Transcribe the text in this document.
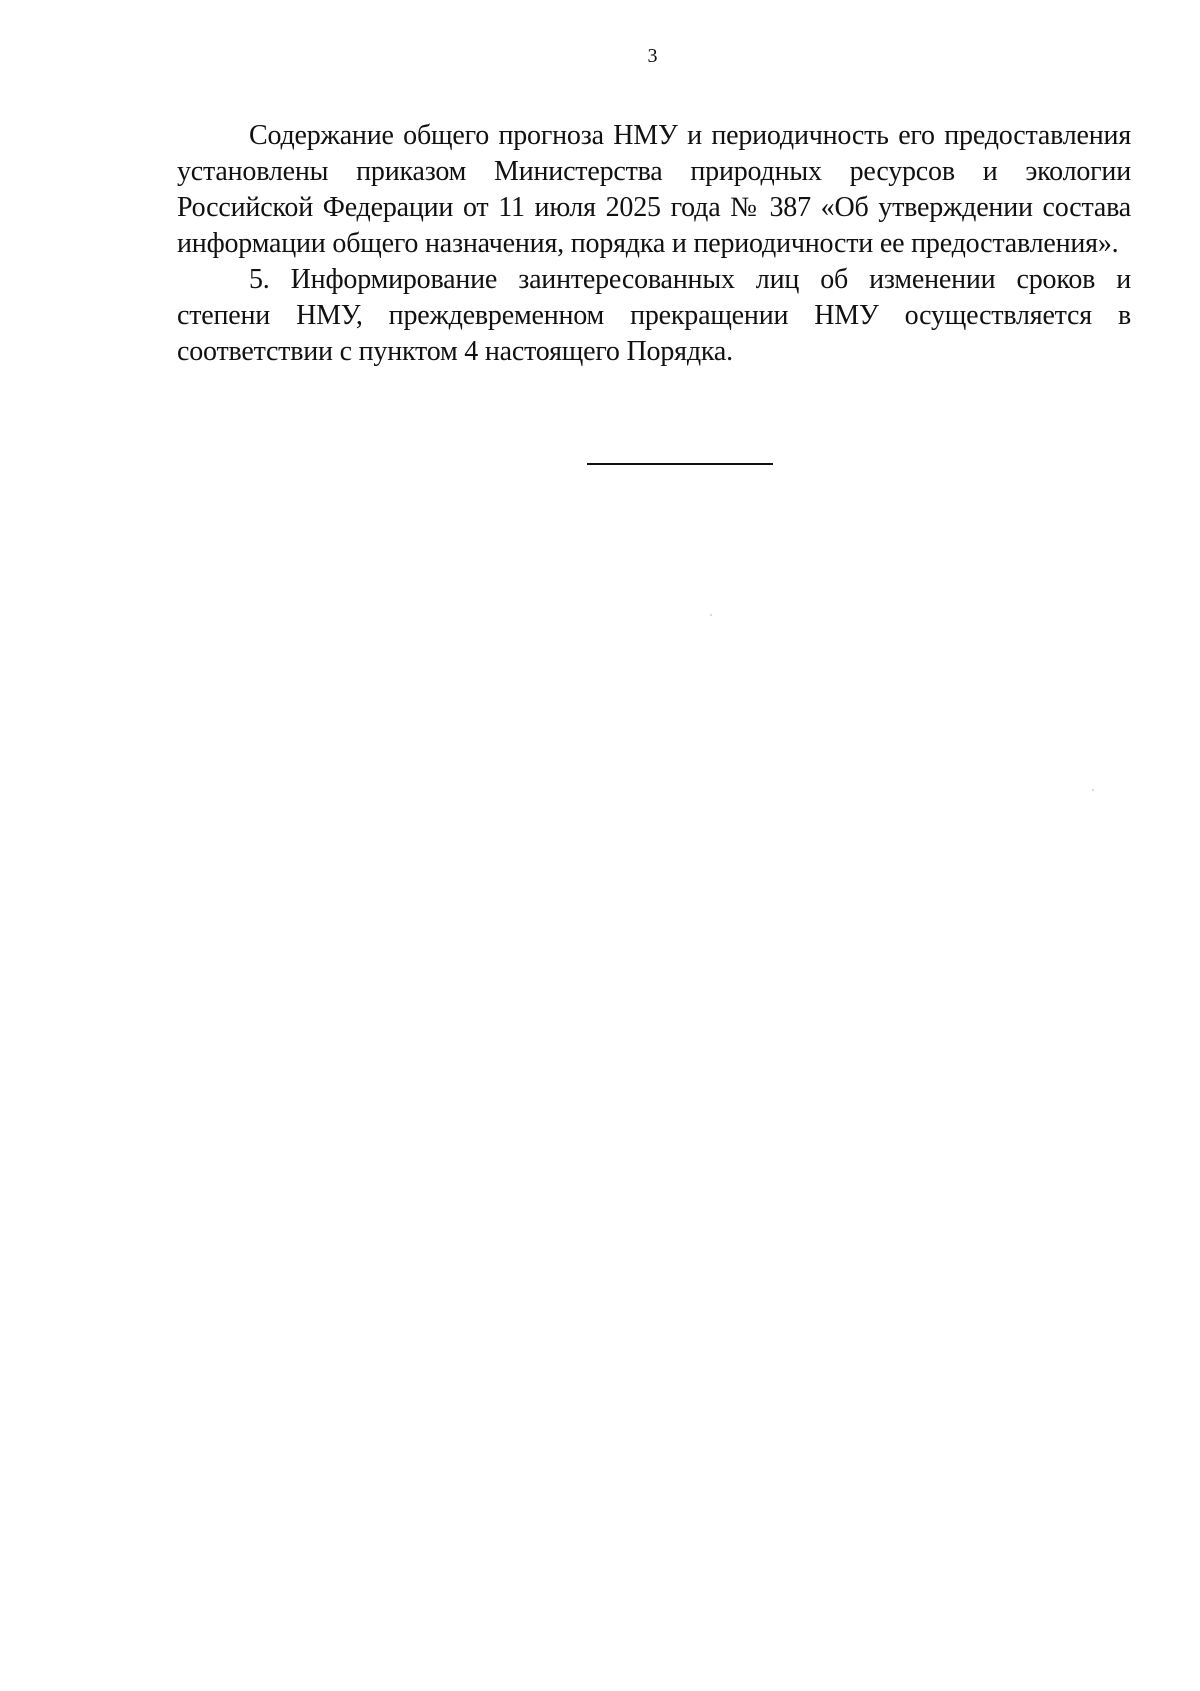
3

Содержание общего прогноза НМУ и периодичность его предоставления установлены приказом Министерства природных ресурсов и экологии Российской Федерации от 11 июля 2025 года № 387 «Об утверждении состава информации общего назначения, порядка и периодичности ее предоставления».

5. Информирование заинтересованных лиц об изменении сроков и степени НМУ, преждевременном прекращении НМУ осуществляется в соответствии с пунктом 4 настоящего Порядка.
